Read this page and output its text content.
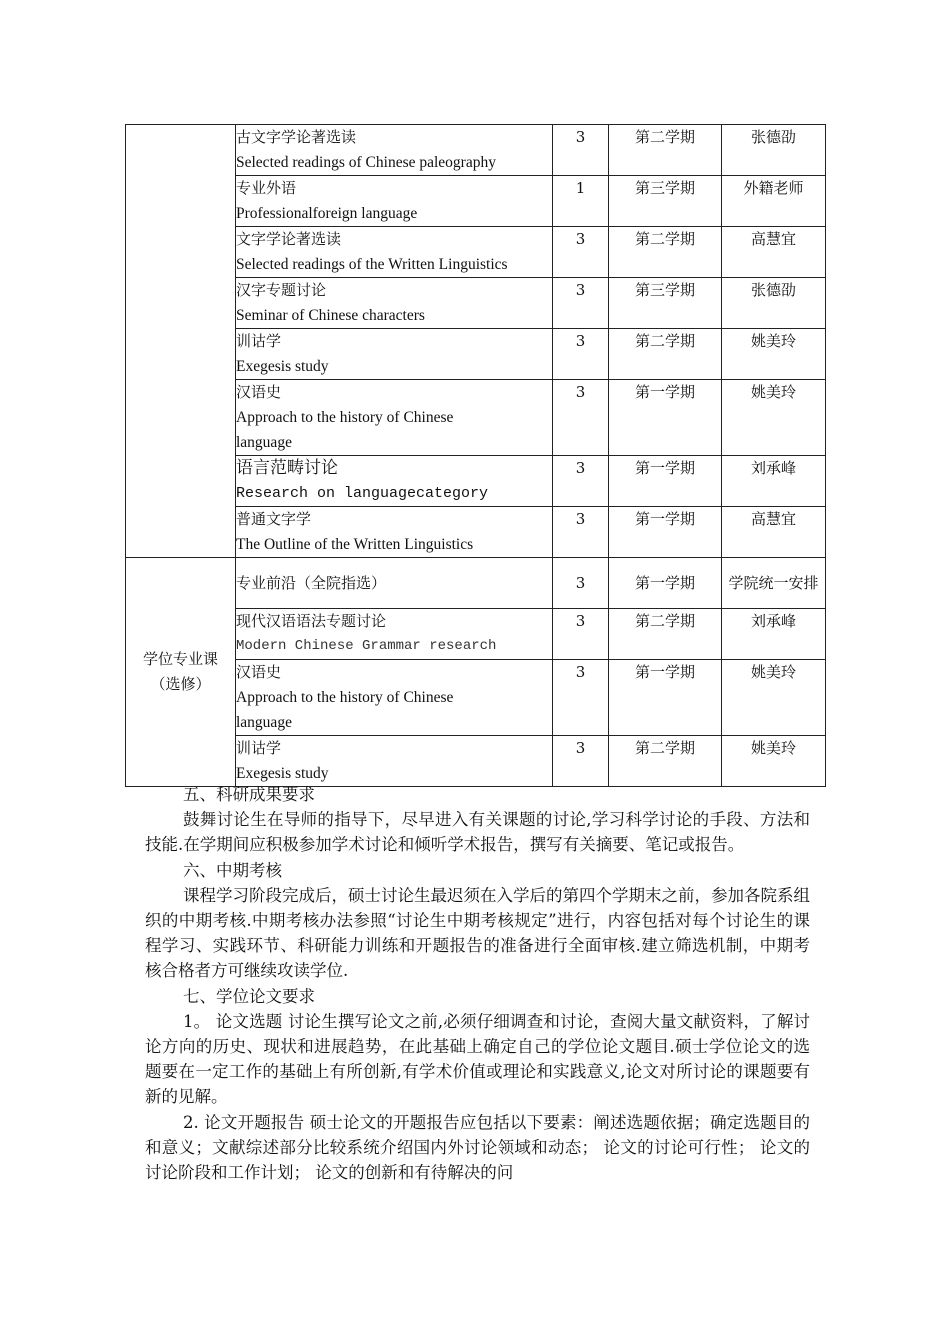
	古文字学论著选读
Selected readings of Chinese paleography	3	第二学期	张德劭

	专业外语
Professionalforeign language	1	第三学期	外籍老师

	文字学论著选读
Selected readings of the Written Linguistics	3	第二学期	高慧宜

	汉字专题讨论
Seminar of Chinese characters	3	第三学期	张德劭

	训诂学
Exegesis study	3	第二学期	姚美玲

	汉语史
Approach to the history of Chinese language	3	第一学期	姚美玲

	语言范畴讨论
Research on languagecategory	3	第一学期	刘承峰

	普通文字学
The Outline of the Written Linguistics	3	第一学期	高慧宜

学位专业课（选修）	专业前沿（全院指选）	3	第一学期	学院统一安排

	现代汉语语法专题讨论
Modern Chinese Grammar research	3	第二学期	刘承峰

	汉语史
Approach to the history of Chinese language	3	第一学期	姚美玲

	训诂学
Exegesis study	3	第二学期	姚美玲

五、科研成果要求

鼓舞讨论生在导师的指导下，尽早进入有关课题的讨论,学习科学讨论的手段、方法和技能.在学期间应积极参加学术讨论和倾听学术报告，撰写有关摘要、笔记或报告。

六、中期考核

课程学习阶段完成后，硕士讨论生最迟须在入学后的第四个学期末之前，参加各院系组织的中期考核.中期考核办法参照“讨论生中期考核规定”进行，内容包括对每个讨论生的课程学习、实践环节、科研能力训练和开题报告的准备进行全面审核.建立筛选机制，中期考核合格者方可继续攻读学位.

七、学位论文要求

1。 论文选题 讨论生撰写论文之前,必须仔细调查和讨论，查阅大量文献资料，了解讨论方向的历史、现状和进展趋势，在此基础上确定自己的学位论文题目.硕士学位论文的选题要在一定工作的基础上有所创新,有学术价值或理论和实践意义,论文对所讨论的课题要有新的见解。

2. 论文开题报告 硕士论文的开题报告应包括以下要素：阐述选题依据；确定选题目的和意义；文献综述部分比较系统介绍国内外讨论领域和动态； 论文的讨论可行性； 论文的讨论阶段和工作计划； 论文的创新和有待解决的问
